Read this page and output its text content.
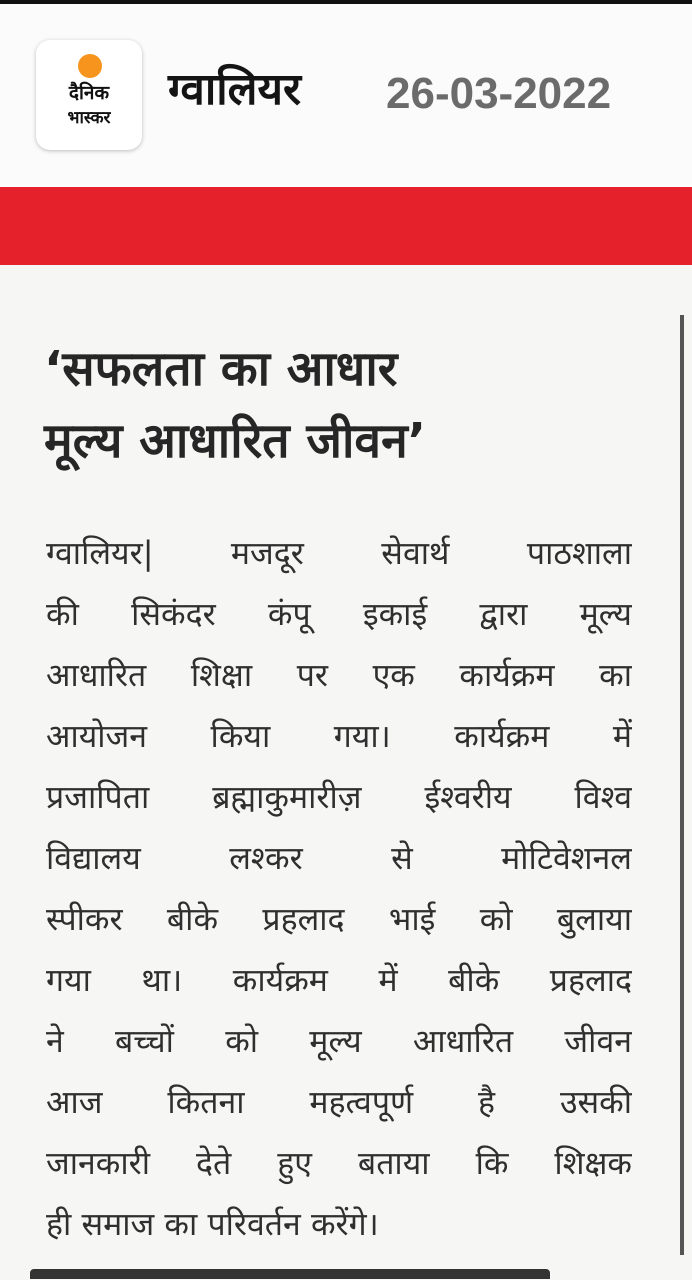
दैनिक
भास्कर
ग्वालियर 26-03-2022
‘सफलता का आधार
मूल्य आधारित जीवन’
ग्वालियर| मजदूर सेवार्थ पाठशाला
की सिकंदर कंपू इकाई द्वारा मूल्य
आधारित शिक्षा पर एक कार्यक्रम का
आयोजन किया गया। कार्यक्रम में
प्रजापिता ब्रह्माकुमारीज़ ईश्वरीय विश्व
विद्यालय लश्कर से मोटिवेशनल
स्पीकर बीके प्रहलाद भाई को बुलाया
गया था। कार्यक्रम में बीके प्रहलाद
ने बच्चों को मूल्य आधारित जीवन
आज कितना महत्वपूर्ण है उसकी
जानकारी देते हुए बताया कि शिक्षक
ही समाज का परिवर्तन करेंगे।
